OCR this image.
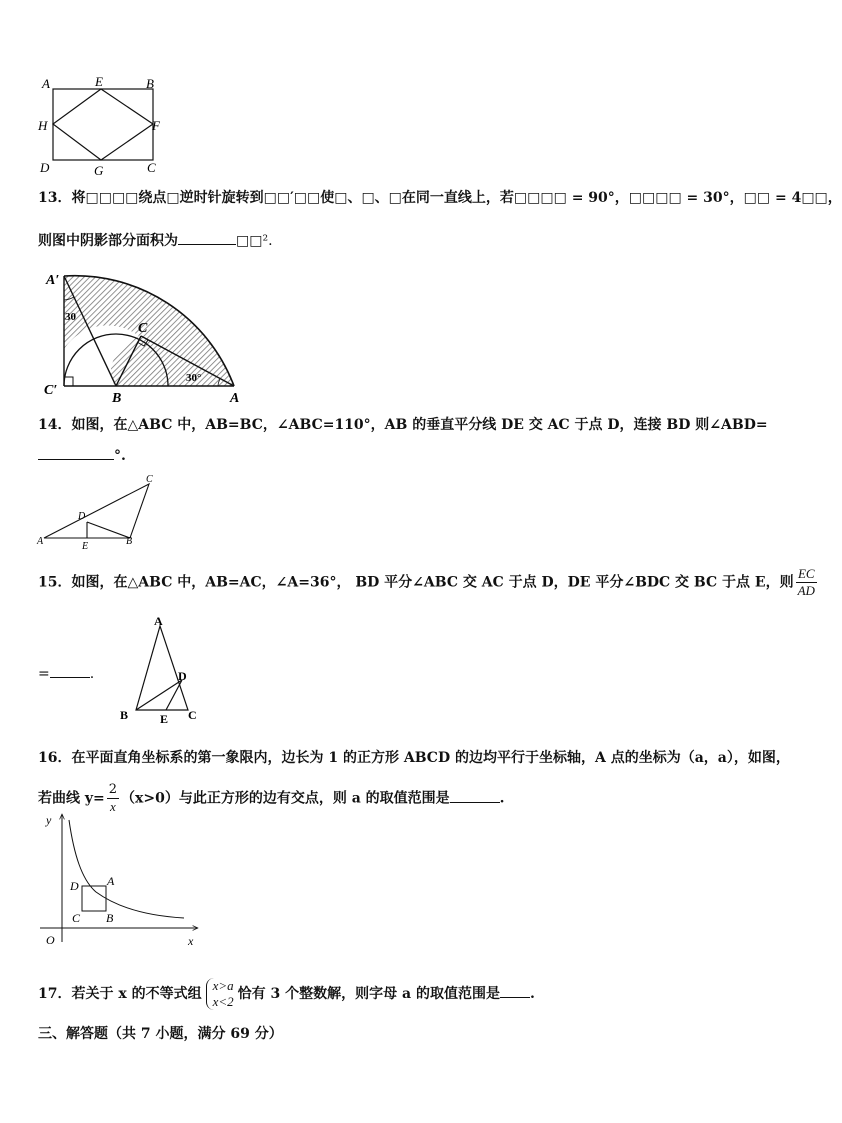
A	E	B
H	F
D	G	C
13．将□□□□绕点□逆时针旋转到□□′□□使□、□、□在同一直线上，若□□□□ = 90°，□□□□ = 30°，□□ = 4□□，
则图中阴影部分面积为	□□².
A′
C′
B
C
A
30
30°
14．如图，在△ABC 中，AB=BC，∠ABC=110°，AB 的垂直平分线 DE 交 AC 于点 D，连接 BD 则∠ABD=
°.
C
D
A	E	B
15．如图，在△ABC 中，AB=AC，∠A=36°， BD 平分∠ABC 交 AC 于点 D，DE 平分∠BDC 交 BC 于点 E，则 $\frac{EC}{AD}$
=	.
A
D
B	E C
16．在平面直角坐标系的第一象限内，边长为 1 的正方形 ABCD 的边均平行于坐标轴，A 点的坐标为（a，a），如图，
若曲线 $y= \frac{2}{x} (x>0)$与此正方形的边有交点，则 a 的取值范围是	.
y
D A
C B
O	x
17．若关于 x 的不等式组
x>a
x<2 恰有 3 个整数解，则字母 a 的取值范围是 .
三、解答题（共 7 小题，满分 69 分）
